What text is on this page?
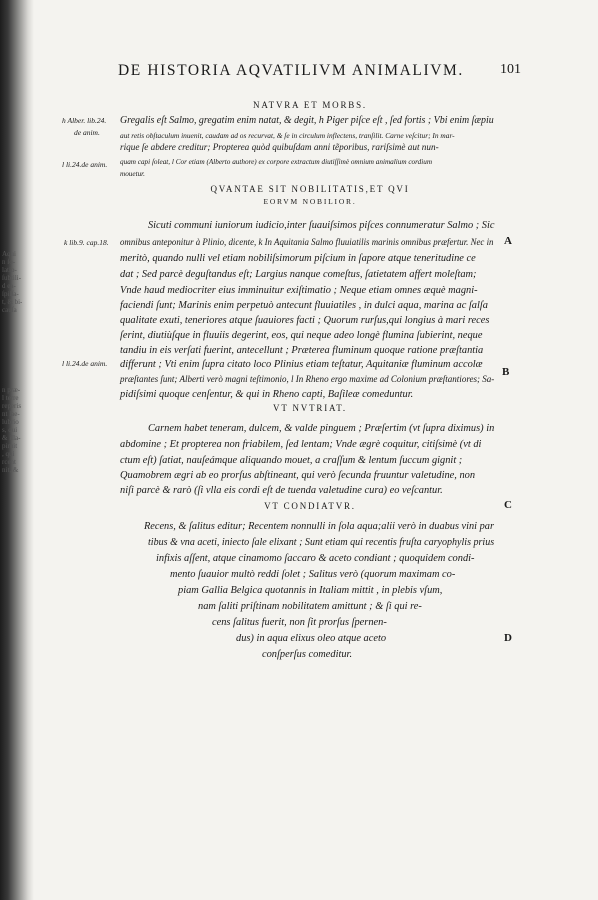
Aqui
n ſo-
latio-
ſubtili-
d ea-
ſpiſſa-
t, & bi-
cauſa

n præ-
l terre
reperis
nt lae-
lubrio
s, qui
& illa-
piruit
, qui
rcent
nit, &
DE HISTORIA AQVATILIVM ANIMALIVM.	101
NATVRA ET MORBS.
h Alber. lib.24.
de anim.
l li.24.de anim.
Gregalis eſt Salmo, gregatim enim natat, & degit, h Piger piſce eſt , ſed fortis ; Vbi enim ſæpiu
aut retis obſtaculum inuenit, caudam ad os recurvat, & ſe in circulum inflectens, tranſilit. Carne veſcitur; In mar-
rique ſe abdere creditur; Propterea quòd quibuſdam anni tẽporibus, rariſsimè aut nun-
quam capi ſoleat, l Cor etiam (Alberto authore) ex corpore extractum diutiſſimè omnium animalium cordium
mouetur.
QVANTAE SIT NOBILITATIS,ET QVI
EORVM NOBILIOR.
k lib.9. cap.18.
l li.24.de anim.
A
B
Sicuti communi iuniorum iudicio,inter ſuauiſsimos piſces connumeratur Salmo ; Sic
omnibus anteponitur à Plinio, dicente, k In Aquitania Salmo fluuiatilis marinis omnibus præfertur. Nec in
meritò, quando nulli vel etiam nobiliſsimorum piſcium in ſapore atque teneritudine ce
dat ; Sed parcè deguſtandus eſt; Largius nanque comeſtus, ſatietatem affert moleſtam;
Vnde haud mediocriter eius imminuitur exiſtimatio ; Neque etiam omnes æquè magni-
faciendi ſunt; Marinis enim perpetuò antecunt fluuiatiles , in dulci aqua, marina ac ſalſa
qualitate exuti, teneriores atque ſuauiores facti ; Quorum rurſus,qui longius à mari reces
ſerint, diutiùſque in fluuiis degerint, eos, qui neque adeo longè flumina ſubierint, neque
tandiu in eis verſati fuerint, antecellunt ; Præterea fluminum quoque ratione præſtantia
differunt ; Vti enim ſupra citato loco Plinius etiam teſtatur, Aquitaniæ fluminum accolæ
præſtantes ſunt; Alberti verò magni teſtimonio, l In Rheno ergo maxime ad Colonium præſtantiores; Sa-
pidiſsimi quoque cenſentur, & qui in Rheno capti, Baſileæ comeduntur.
VT NVTRIAT.
Carnem habet teneram, dulcem, & valde pinguem ; Præſertim (vt ſupra diximus) in
abdomine ; Et propterea non friabilem, ſed lentam; Vnde ægrè coquitur, citiſsimè (vt di
ctum eſt) ſatiat, nauſeámque aliquando mouet, a craſſum & lentum ſuccum gignit ;
Quamobrem ægri ab eo prorſus abſtineant, qui verò ſecunda fruuntur valetudine, non
niſi parcè & rarò (ſi vlla eis cordi eſt de tuenda valetudine cura) eo veſcantur.
VT CONDIATVR.	C
D
Recens, & ſalitus editur; Recentem nonnulli in ſola aqua;alii verò in duabus vini par
tibus & vna aceti, iniecto ſale elixant ; Sunt etiam qui recentis fruſta caryophylis prius
infixis aſſent, atque cinamomo ſaccaro & aceto condiant ; quoquidem condi-
mento ſuauior multò reddi ſolet ; Salitus verò (quorum maximam co-
piam Gallia Belgica quotannis in Italiam mittit , in plebis vſum,
nam ſaliti priſtinam nobilitatem amittunt ; & ſi qui re-
cens ſalitus fuerit, non ſit prorſus ſpernen-
dus) in aqua elixus oleo atque aceto
conſperſus comeditur.
